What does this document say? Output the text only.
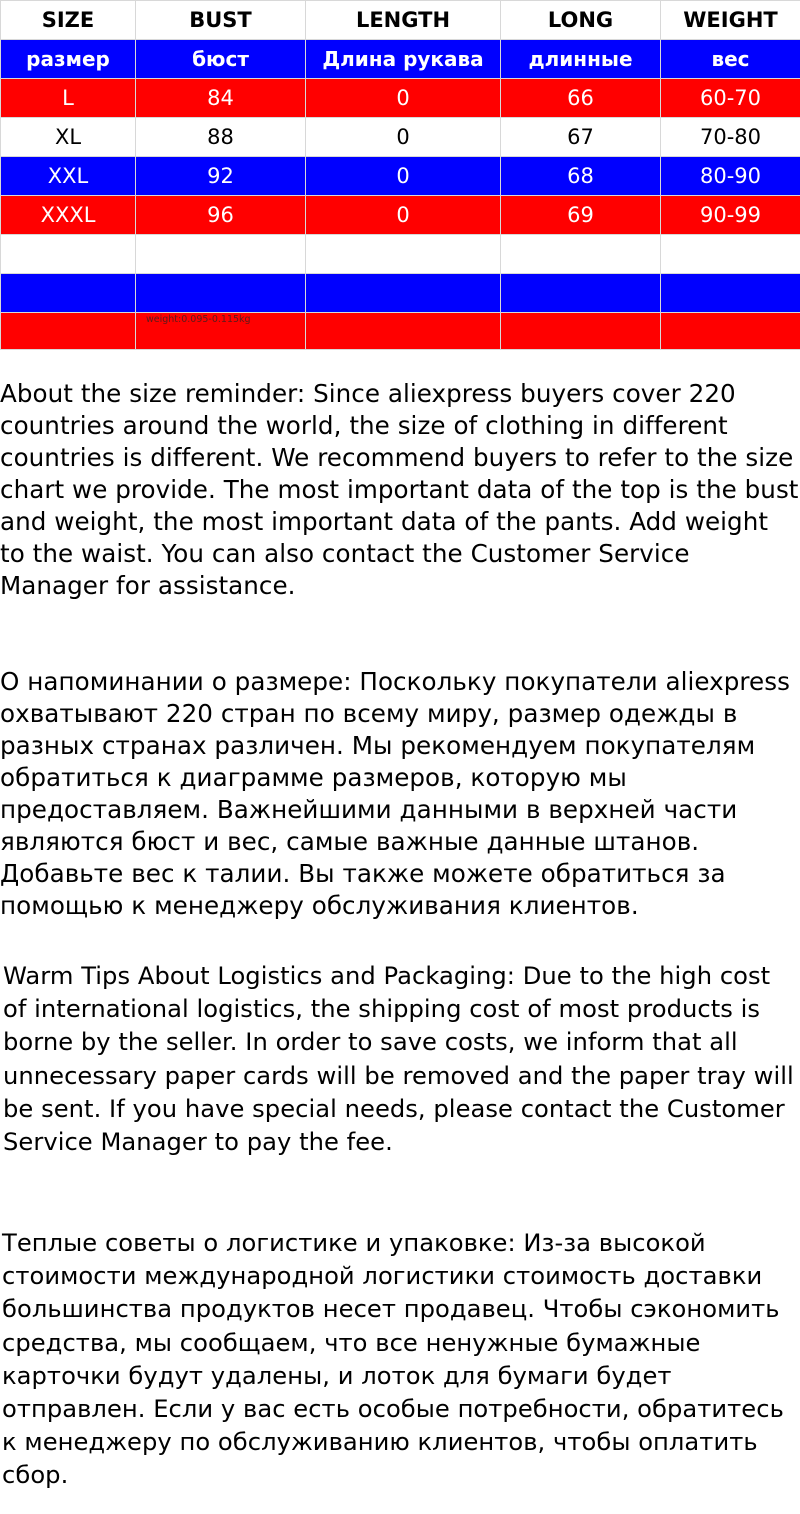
SIZE	BUST	LENGTH	LONG	WEIGHT
размер	бюст	Длина рукава	длинные	вес
L	84	0	66	60-70
XL	88	0	67	70-80
XXL	92	0	68	80-90
XXXL	96	0	69	90-99

	weight:0.095-0.115kg			

About the size reminder: Since aliexpress buyers cover 220 countries around the world, the size of clothing in different countries is different. We recommend buyers to refer to the size chart we provide. The most important data of the top is the bust and weight, the most important data of the pants. Add weight to the waist. You can also contact the Customer Service Manager for assistance.

О напоминании о размере: Поскольку покупатели aliexpress охватывают 220 стран по всему миру, размер одежды в разных странах различен. Мы рекомендуем покупателям обратиться к диаграмме размеров, которую мы предоставляем. Важнейшими данными в верхней части являются бюст и вес, самые важные данные штанов. Добавьте вес к талии. Вы также можете обратиться за помощью к менеджеру обслуживания клиентов.

Warm Tips About Logistics and Packaging: Due to the high cost of international logistics, the shipping cost of most products is borne by the seller. In order to save costs, we inform that all unnecessary paper cards will be removed and the paper tray will be sent. If you have special needs, please contact the Customer Service Manager to pay the fee.

Теплые советы о логистике и упаковке: Из-за высокой стоимости международной логистики стоимость доставки большинства продуктов несет продавец. Чтобы сэкономить средства, мы сообщаем, что все ненужные бумажные карточки будут удалены, и лоток для бумаги будет отправлен. Если у вас есть особые потребности, обратитесь к менеджеру по обслуживанию клиентов, чтобы оплатить сбор.
